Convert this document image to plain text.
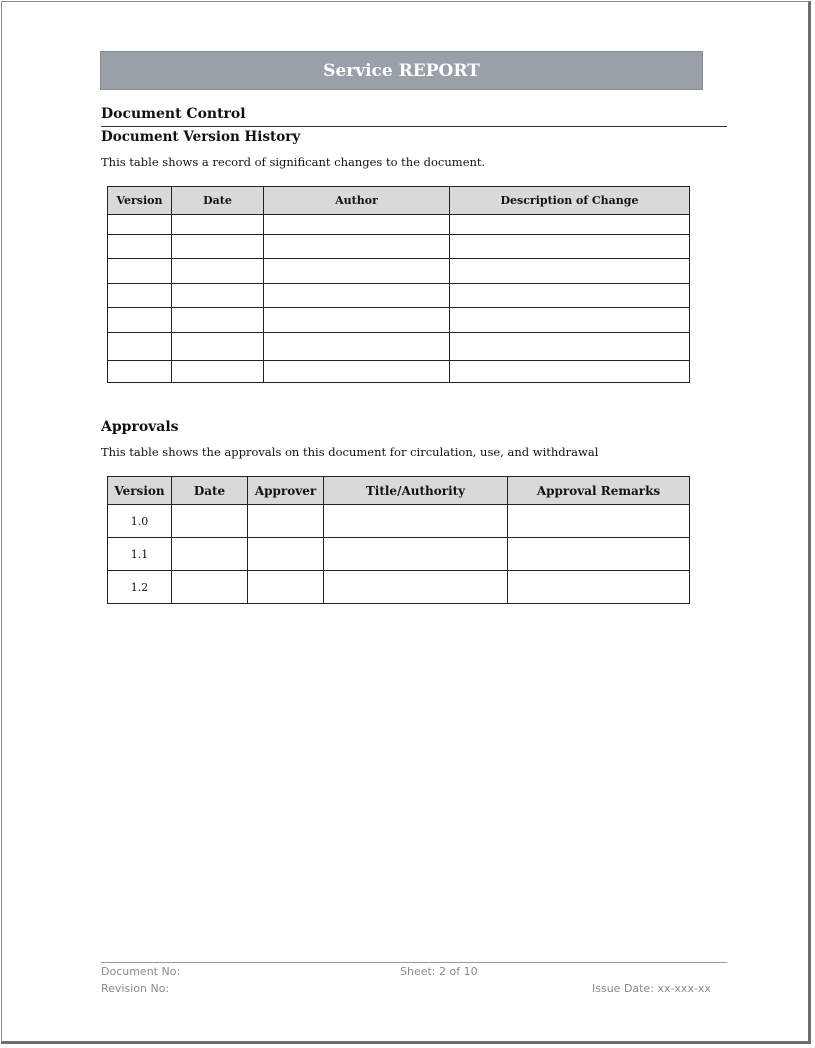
Service REPORT
Document Control
Document Version History
This table shows a record of significant changes to the document.
Version	Date	Author	Description of Change

Approvals
This table shows the approvals on this document for circulation, use, and withdrawal
Version	Date	Approver	Title/Authority	Approval Remarks
1.0				
1.1				
1.2				
Document No:	Sheet: 2 of 10
Revision No:	Issue Date: xx-xxx-xx
